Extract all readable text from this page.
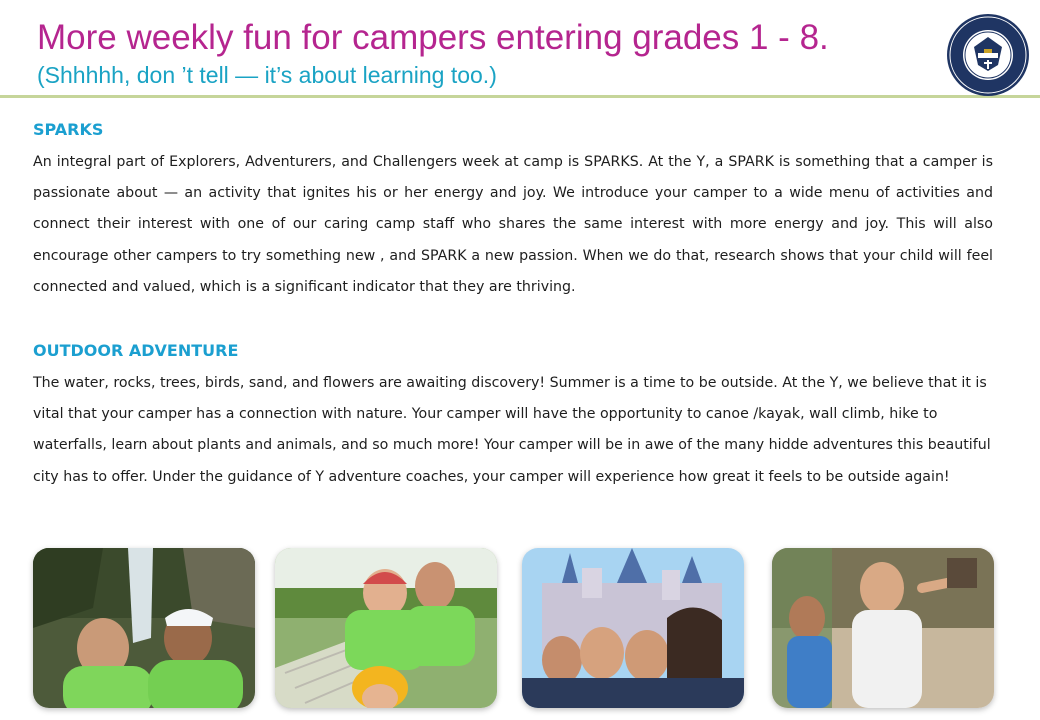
More weekly fun for campers entering grades 1 - 8.
(Shhhhh, don ’t tell — it’s about learning too.)
SPARKS
An integral part of Explorers, Adventurers, and Challengers week at camp is SPARKS. At the Y, a SPARK is something that a camper is passionate about — an activity that ignites his or her energy and joy. We introduce your camper to a wide menu of activities and connect their interest with one of our caring camp staff who shares the same interest with more energy and joy. This will also encourage other campers to try something new , and SPARK a new passion. When we do that, research shows that your child will feel connected and valued, which is a significant indicator that they are thriving.
OUTDOOR ADVENTURE
The water, rocks, trees, birds, sand, and flowers are awaiting discovery! Summer is a time to be outside. At the Y, we believe that it is vital that your camper has a connection with nature. Your camper will have the opportunity to canoe /kayak, wall climb, hike to waterfalls, learn about plants and animals, and so much more! Your camper will be in awe of the many hidde adventures this beautiful city has to offer. Under the guidance of Y adventure coaches, your camper will experience how great it feels to be outside again!
